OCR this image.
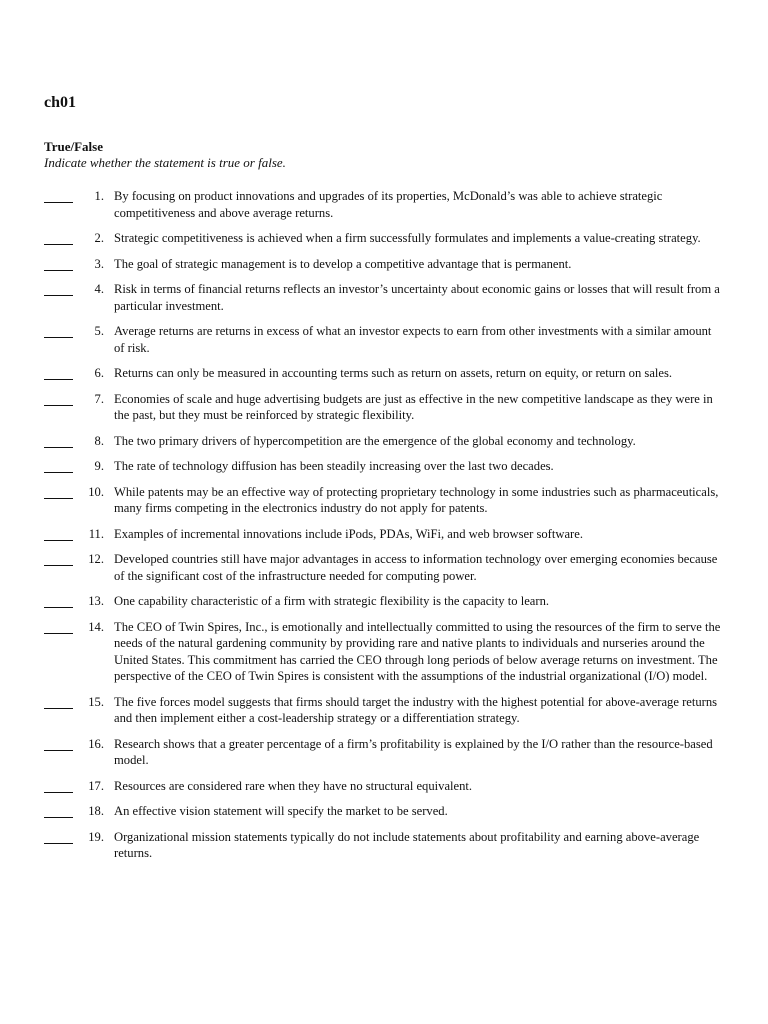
ch01
True/False

Indicate whether the statement is true or false.

1. By focusing on product innovations and upgrades of its properties, McDonald’s was able to achieve strategic competitiveness and above average returns.
2. Strategic competitiveness is achieved when a firm successfully formulates and implements a value-creating strategy.
3. The goal of strategic management is to develop a competitive advantage that is permanent.
4. Risk in terms of financial returns reflects an investor’s uncertainty about economic gains or losses that will result from a particular investment.
5. Average returns are returns in excess of what an investor expects to earn from other investments with a similar amount of risk.
6. Returns can only be measured in accounting terms such as return on assets, return on equity, or return on sales.
7. Economies of scale and huge advertising budgets are just as effective in the new competitive landscape as they were in the past, but they must be reinforced by strategic flexibility.
8. The two primary drivers of hypercompetition are the emergence of the global economy and technology.
9. The rate of technology diffusion has been steadily increasing over the last two decades.
10. While patents may be an effective way of protecting proprietary technology in some industries such as pharmaceuticals, many firms competing in the electronics industry do not apply for patents.
11. Examples of incremental innovations include iPods, PDAs, WiFi, and web browser software.
12. Developed countries still have major advantages in access to information technology over emerging economies because of the significant cost of the infrastructure needed for computing power.
13. One capability characteristic of a firm with strategic flexibility is the capacity to learn.
14. The CEO of Twin Spires, Inc., is emotionally and intellectually committed to using the resources of the firm to serve the needs of the natural gardening community by providing rare and native plants to individuals and nurseries around the United States. This commitment has carried the CEO through long periods of below average returns on investment. The perspective of the CEO of Twin Spires is consistent with the assumptions of the industrial organizational (I/O) model.
15. The five forces model suggests that firms should target the industry with the highest potential for above-average returns and then implement either a cost-leadership strategy or a differentiation strategy.
16. Research shows that a greater percentage of a firm’s profitability is explained by the I/O rather than the resource-based model.
17. Resources are considered rare when they have no structural equivalent.
18. An effective vision statement will specify the market to be served.
19. Organizational mission statements typically do not include statements about profitability and earning above-average returns.
